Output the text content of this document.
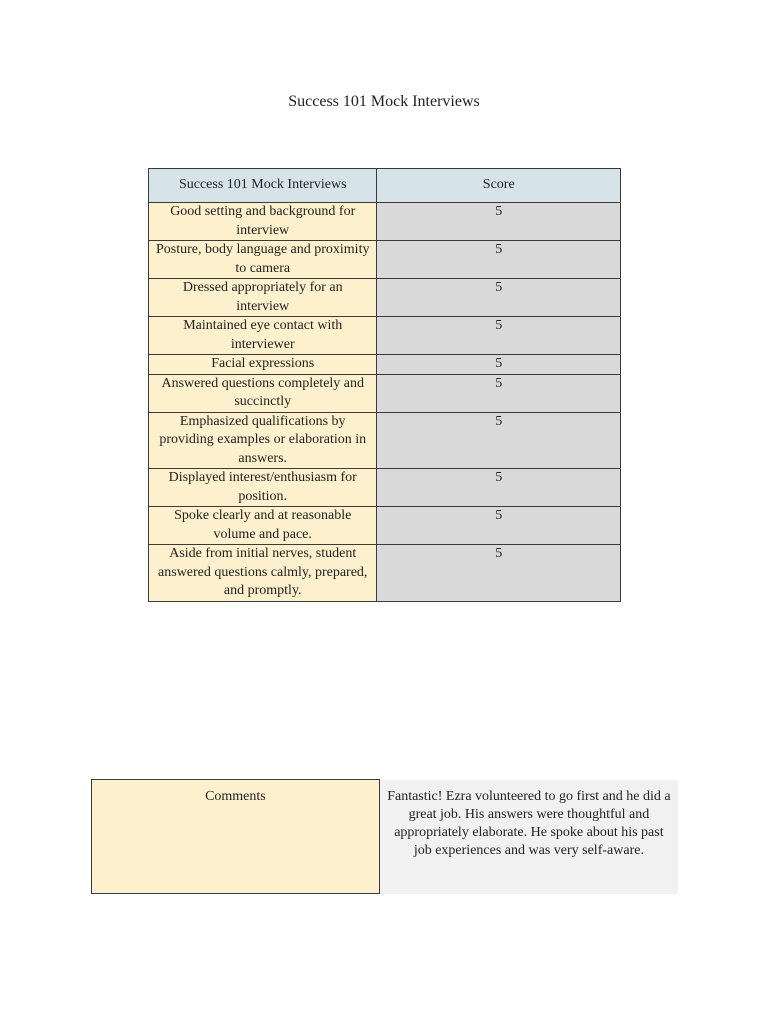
Success 101 Mock Interviews
Success 101 Mock Interviews	Score
Good setting and background for interview	5
Posture, body language and proximity to camera	5
Dressed appropriately for an interview	5
Maintained eye contact with interviewer	5
Facial expressions	5
Answered questions completely and succinctly	5
Emphasized qualifications by providing examples or elaboration in answers.	5
Displayed interest/enthusiasm for position.	5
Spoke clearly and at reasonable volume and pace.	5
Aside from initial nerves, student answered questions calmly, prepared, and promptly.	5
Comments	Fantastic! Ezra volunteered to go first and he did a great job. His answers were thoughtful and appropriately elaborate. He spoke about his past job experiences and was very self-aware.
